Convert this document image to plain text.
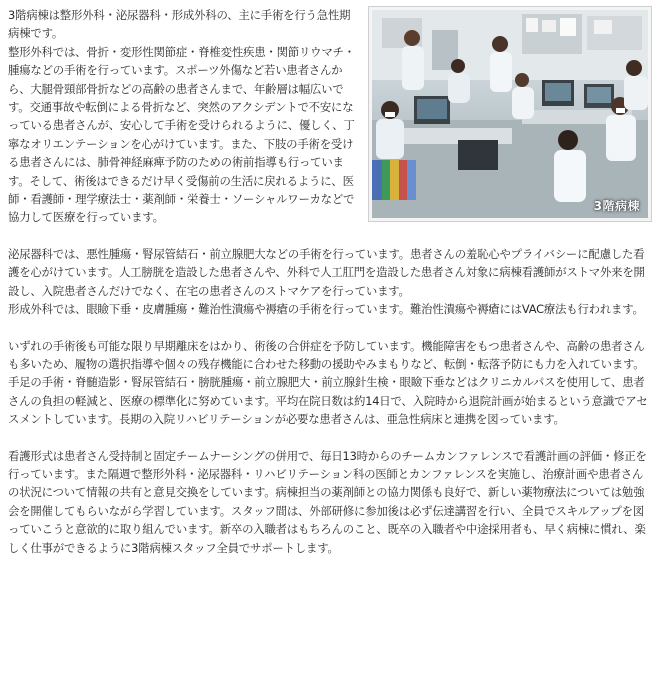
3階病棟

3階病棟は整形外科・泌尿器科・形成外科の、主に手術を行う急性期病棟です。

整形外科では、骨折・変形性関節症・脊椎変性疾患・関節リウマチ・腫瘍などの手術を行っています。スポーツ外傷など若い患者さんから、大腿骨頸部骨折などの高齢の患者さんまで、年齢層は幅広いです。交通事故や転倒による骨折など、突然のアクシデントで不安になっている患者さんが、安心して手術を受けられるように、優しく、丁寧なオリエンテーションを心がけています。また、下肢の手術を受ける患者さんには、肺骨神経麻痺予防のための術前指導も行っています。そして、術後はできるだけ早く受傷前の生活に戻れるように、医師・看護師・理学療法士・薬剤師・栄養士・ソーシャルワーカなどで協力して医療を行っています。

泌尿器科では、悪性腫瘍・腎尿管結石・前立腺肥大などの手術を行っています。患者さんの羞恥心やプライバシーに配慮した看護を心がけています。人工膀胱を造設した患者さんや、外科で人工肛門を造設した患者さん対象に病棟看護師がストマ外来を開設し、入院患者さんだけでなく、在宅の患者さんのストマケアを行っています。

形成外科では、眼瞼下垂・皮膚腫瘍・難治性潰瘍や褥瘡の手術を行っています。難治性潰瘍や褥瘡にはVAC療法も行われます。

いずれの手術後も可能な限り早期離床をはかり、術後の合併症を予防しています。機能障害をもつ患者さんや、高齢の患者さんも多いため、履物の選択指導や個々の残存機能に合わせた移動の援助やみまもりなど、転倒・転落予防にも力を入れています。手足の手術・脊髄造影・腎尿管結石・膀胱腫瘍・前立腺肥大・前立腺針生検・眼瞼下垂などはクリニカルパスを使用して、患者さんの負担の軽減と、医療の標準化に努めています。平均在院日数は約14日で、入院時から退院計画が始まるという意識でアセスメントしています。長期の入院リハビリテーションが必要な患者さんは、亜急性病床と連携を図っています。

看護形式は患者さん受持制と固定チームナーシングの併用で、毎日13時からのチームカンファレンスで看護計画の評価・修正を行っています。また隔週で整形外科・泌尿器科・リハビリテーション科の医師とカンファレンスを実施し、治療計画や患者さんの状況について情報の共有と意見交換をしています。病棟担当の薬剤師との協力関係も良好で、新しい薬物療法については勉強会を開催してもらいながら学習しています。スタッフ間は、外部研修に参加後は必ず伝達講習を行い、全員でスキルアップを図っていこうと意欲的に取り組んでいます。新卒の入職者はもちろんのこと、既卒の入職者や中途採用者も、早く病棟に慣れ、楽しく仕事ができるように3階病棟スタッフ全員でサポートします。
